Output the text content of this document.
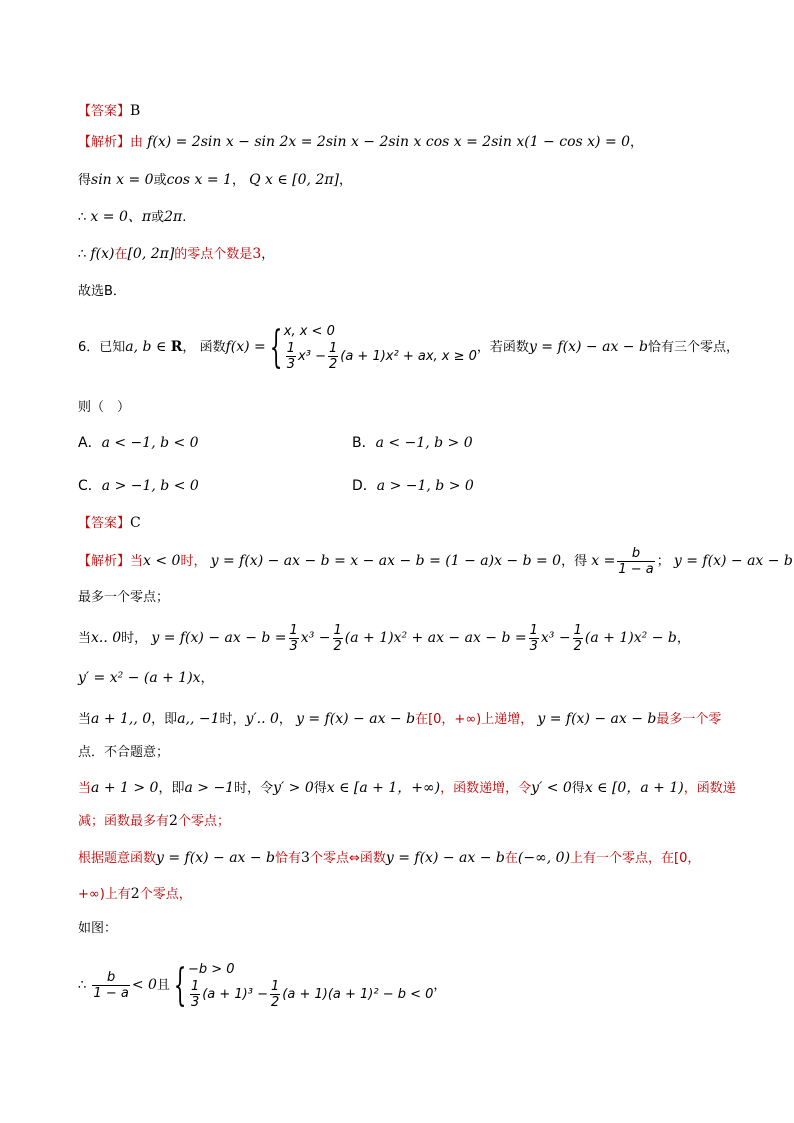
【答案】B
【解析】由 f(x) = 2sin x − sin 2x = 2sin x − 2sin x cos x = 2sin x(1 − cos x) = 0，
得sin x = 0或cos x = 1， Q x ∈ [0, 2π]，
∴ x = 0、π或2π.
∴ f(x)在[0, 2π]的零点个数是3，
故选B．
6．已知a, b ∈ R， 函数f(x) ={ x, x < 0
$\frac{1}{3} x^3 - \frac{1}{2} (a + 1)x^2$ + ax, x ≥ 0
，若函数y = f(x) − ax − b恰有三个零点，
则（　）
A．a < −1, b < 0	B．a < −1, b > 0
C．a > −1, b < 0	D．a > −1, b > 0
【答案】C
【解析】当x < 0时， y = f(x) − ax − b = x − ax − b = (1 − a)x − b = 0，得 $x = \frac{b}{1 - a}$ ； y = f(x) − ax − b
最多一个零点；
当x.. 0时， y = f(x) − ax − $b = \frac{1}{3} x^3 - \frac{1}{2} (a + 1)x^2$ + ax − ax − $b = \frac{1}{3} x^3 - \frac{1}{2} (a + 1)x^2 - b$，
y′ = x² − (a + 1)x，
当a + 1,, 0，即a,, −1时，y′.. 0， y = f(x) − ax − b在[0，+∞)上递增， y = f(x) − ax − b最多一个零
点．不合题意；
当a + 1 > 0，即a > −1时，令y′ > 0得x ∈ [a + 1，+∞)，函数递增，令y′ < 0得x ∈ [0，a + 1)，函数递
减；函数最多有2个零点；
根据题意函数y = f(x) − ax − b恰有3个零点⇔函数y = f(x) − ax − b在(−∞, 0)上有一个零点，在[0，
+∞)上有2个零点，
如图：
∴ $\frac{b}{1 - a} < 0$且{ −b > 0
$\frac{1}{3} (a + 1)^3 - \frac{1}{2} (a + 1)(a + 1)^2 - b < 0$
，
